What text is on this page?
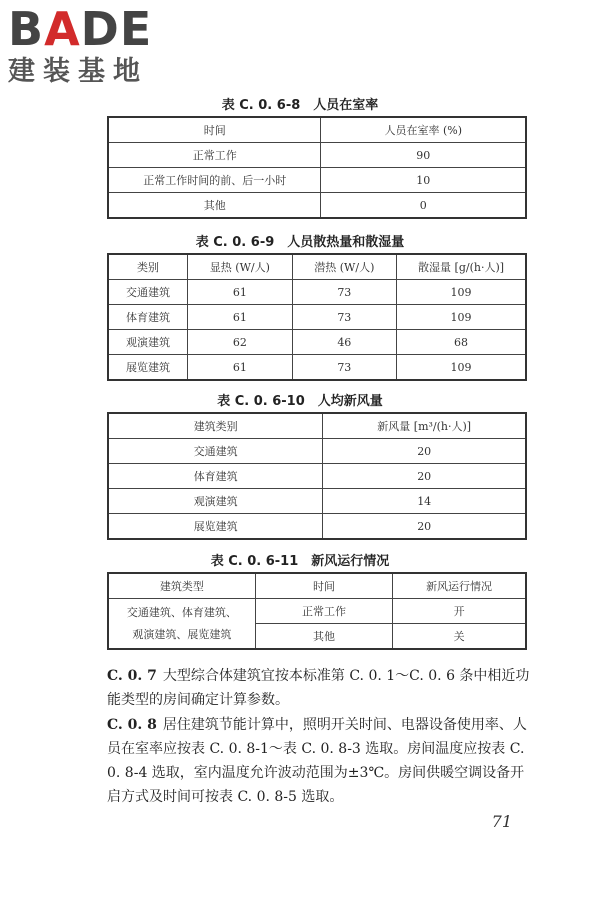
BADE
建装基地
表 C. 0. 6-8　人员在室率
时间	人员在室率 (%)
正常工作	90
正常工作时间的前、后一小时	10
其他	0
表 C. 0. 6-9　人员散热量和散湿量
类别	显热 (W/人)	潜热 (W/人)	散湿量 [g/(h·人)]
交通建筑	61	73	109
体育建筑	61	73	109
观演建筑	62	46	68
展览建筑	61	73	109
表 C. 0. 6-10　人均新风量
建筑类别	新风量 [m³/(h·人)]
交通建筑	20
体育建筑	20
观演建筑	14
展览建筑	20
表 C. 0. 6-11　新风运行情况
建筑类型	时间	新风运行情况

交通建筑、体育建筑、
观演建筑、展览建筑	正常工作	开
	其他	关
C. 0. 7 大型综合体建筑宜按本标准第 C. 0. 1～C. 0. 6 条中相近功能类型的房间确定计算参数。
C. 0. 8 居住建筑节能计算中，照明开关时间、电器设备使用率、人员在室率应按表 C. 0. 8-1～表 C. 0. 8-3 选取。房间温度应按表 C. 0. 8-4 选取，室内温度允许波动范围为±3℃。房间供暖空调设备开启方式及时间可按表 C. 0. 8-5 选取。
71
